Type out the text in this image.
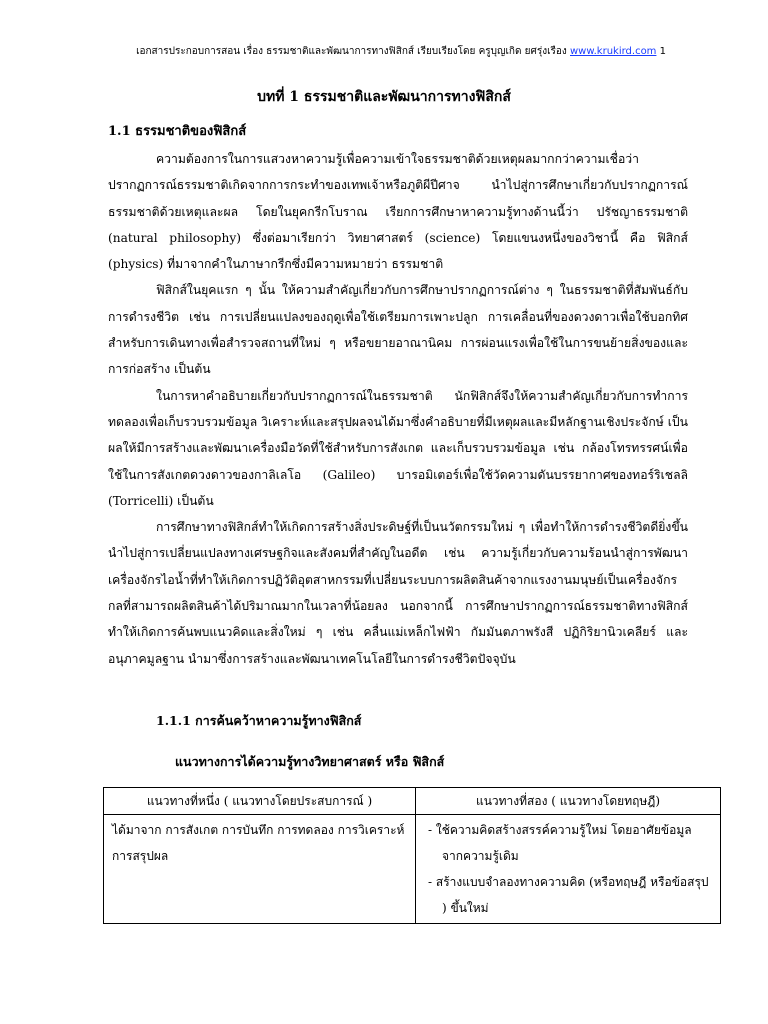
เอกสารประกอบการสอน เรื่อง ธรรมชาติและพัฒนาการทางฟิสิกส์ เรียบเรียงโดย ครูบุญเกิด ยศรุ่งเรือง www.krukird.com 1
บทที่ 1 ธรรมชาติและพัฒนาการทางฟิสิกส์
1.1 ธรรมชาติของฟิสิกส์

ความต้องการในการแสวงหาความรู้เพื่อความเข้าใจธรรมชาติด้วยเหตุผลมากกว่าความเชื่อว่าปรากฏการณ์ธรรมชาติเกิดจากการกระทำของเทพเจ้าหรือภูติผีปีศาจ นำไปสู่การศึกษาเกี่ยวกับปรากฏการณ์ธรรมชาติด้วยเหตุและผล โดยในยุคกรีกโบราณ เรียกการศึกษาหาความรู้ทางด้านนี้ว่า ปรัชญาธรรมชาติ (natural philosophy) ซึ่งต่อมาเรียกว่า วิทยาศาสตร์ (science) โดยแขนงหนึ่งของวิชานี้ คือ ฟิสิกส์ (physics) ที่มาจากคำในภาษากรีกซึ่งมีความหมายว่า ธรรมชาติ

ฟิสิกส์ในยุคแรก ๆ นั้น ให้ความสำคัญเกี่ยวกับการศึกษาปรากฏการณ์ต่าง ๆ ในธรรมชาติที่สัมพันธ์กับการดำรงชีวิต เช่น การเปลี่ยนแปลงของฤดูเพื่อใช้เตรียมการเพาะปลูก การเคลื่อนที่ของดวงดาวเพื่อใช้บอกทิศสำหรับการเดินทางเพื่อสำรวจสถานที่ใหม่ ๆ หรือขยายอาณานิคม การผ่อนแรงเพื่อใช้ในการขนย้ายสิ่งของและการก่อสร้าง เป็นต้น

ในการหาคำอธิบายเกี่ยวกับปรากฏการณ์ในธรรมชาติ นักฟิสิกส์จึงให้ความสำคัญเกี่ยวกับการทำการทดลองเพื่อเก็บรวบรวมข้อมูล วิเคราะห์และสรุปผลจนได้มาซึ่งคำอธิบายที่มีเหตุผลและมีหลักฐานเชิงประจักษ์ เป็นผลให้มีการสร้างและพัฒนาเครื่องมือวัดที่ใช้สำหรับการสังเกต และเก็บรวบรวมข้อมูล เช่น กล้องโทรทรรศน์เพื่อใช้ในการสังเกตดวงดาวของกาลิเลโอ (Galileo) บารอมิเตอร์เพื่อใช้วัดความดันบรรยากาศของทอร์ริเชลลิ (Torricelli) เป็นต้น

การศึกษาทางฟิสิกส์ทำให้เกิดการสร้างสิ่งประดิษฐ์ที่เป็นนวัตกรรมใหม่ ๆ เพื่อทำให้การดำรงชีวิตดียิ่งขึ้นนำไปสู่การเปลี่ยนแปลงทางเศรษฐกิจและสังคมที่สำคัญในอดีต เช่น ความรู้เกี่ยวกับความร้อนนำสู่การพัฒนาเครื่องจักรไอน้ำที่ทำให้เกิดการปฏิวัติอุตสาหกรรมที่เปลี่ยนระบบการผลิตสินค้าจากแรงงานมนุษย์เป็นเครื่องจักรกลที่สามารถผลิตสินค้าได้ปริมาณมากในเวลาที่น้อยลง นอกจากนี้ การศึกษาปรากฏการณ์ธรรมชาติทางฟิสิกส์ทำให้เกิดการค้นพบแนวคิดและสิ่งใหม่ ๆ เช่น คลื่นแม่เหล็กไฟฟ้า กัมมันตภาพรังสี ปฏิกิริยานิวเคลียร์ และอนุภาคมูลฐาน นำมาซึ่งการสร้างและพัฒนาเทคโนโลยีในการดำรงชีวิตปัจจุบัน

1.1.1 การค้นคว้าหาความรู้ทางฟิสิกส์
แนวทางการได้ความรู้ทางวิทยาศาสตร์ หรือ ฟิสิกส์
แนวทางที่หนึ่ง ( แนวทางโดยประสบการณ์ )	แนวทางที่สอง ( แนวทางโดยทฤษฎี)
ได้มาจาก การสังเกต การบันทึก การทดลอง การวิเคราะห์ การสรุปผล	- ใช้ความคิดสร้างสรรค์ความรู้ใหม่ โดยอาศัยข้อมูลจากความรู้เดิม
- สร้างแบบจำลองทางความคิด (หรือทฤษฎี หรือข้อสรุป ) ขึ้นใหม่
